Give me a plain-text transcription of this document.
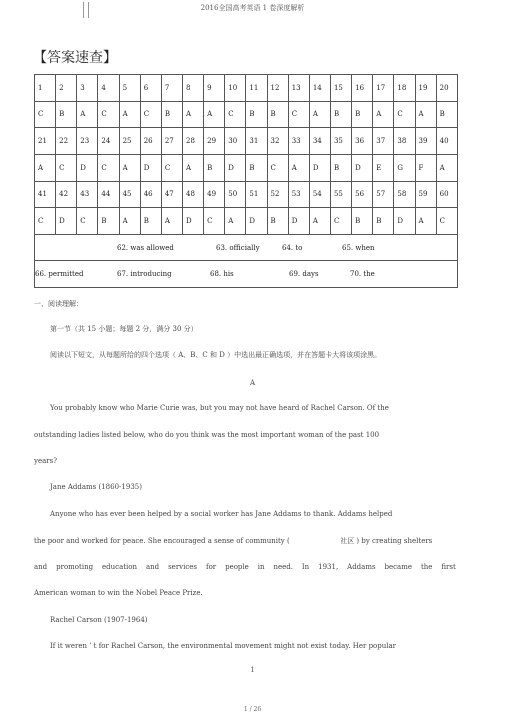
2016全国高考英语 1 卷深度解析
【答案速查】
1	2	3	4	5	6	7	8	9	10	11	12	13	14	15	16	17	18	19	20
C	B	A	C	A	C	B	A	A	C	B	B	C	A	B	B	A	C	A	B
21	22	23	24	25	26	27	28	29	30	31	32	33	34	35	36	37	38	39	40
A	C	D	C	A	D	C	A	B	D	B	C	A	D	B	D	E	G	F	A
41	42	43	44	45	46	47	48	49	50	51	52	53	54	55	56	57	58	59	60
C	D	C	B	A	B	A	D	C	A	D	B	D	A	C	B	B	D	A	C

62. was allowed 63. officially 64. to 65. when																			

66. permitted 67. introducing 68. his 69. days 70. the																			
一、阅读理解：
第一节（共 15 小题；每题 2 分，满分 30 分）
阅读以下短文，从每题所给的四个选项（ A、B、C 和 D ）中选出最正确选项，并在答题卡大将该项涂黑。
A
You probably know who Marie Curie was, but you may not have heard of Rachel Carson. Of the
outstanding ladies listed below, who do you think was the most important woman of the past 100
years?
Jane Addams (1860-1935)
Anyone who has ever been helped by a social worker has Jane Addams to thank. Addams helped
the poor and worked for peace. She encouraged a sense of community (	社区 ) by creating shelters
and promoting education and services for people in need. In 1931, Addams became the first
American woman to win the Nobel Peace Prize.
Rachel Carson (1907-1964)
If it weren ’ t for Rachel Carson, the environmental movement might not exist today. Her popular
1
1 / 26
